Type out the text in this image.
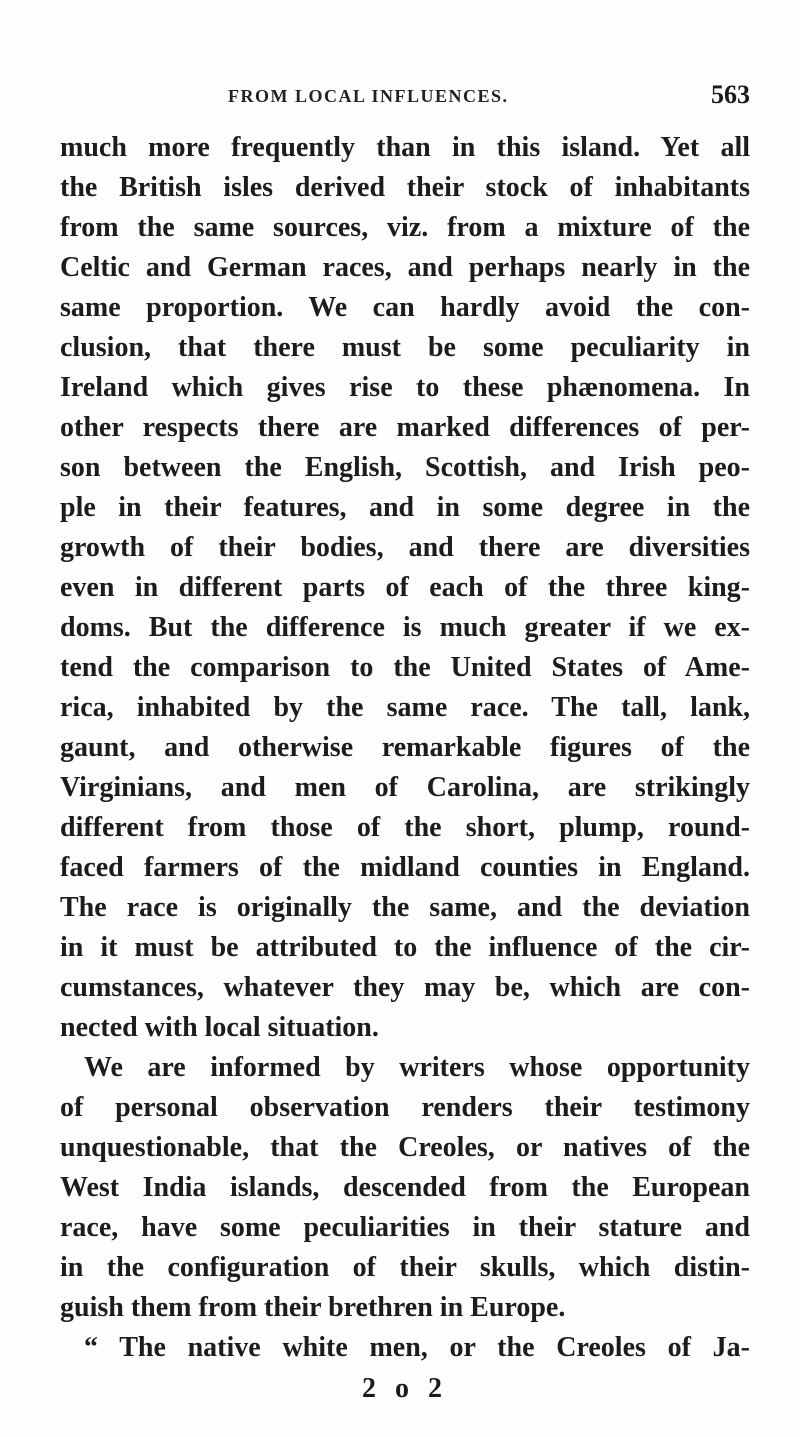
FROM LOCAL INFLUENCES.	563
much more frequently than in this island. Yet all
the British isles derived their stock of inhabitants
from the same sources, viz. from a mixture of the
Celtic and German races, and perhaps nearly in the
same proportion. We can hardly avoid the con-
clusion, that there must be some peculiarity in
Ireland which gives rise to these phænomena. In
other respects there are marked differences of per-
son between the English, Scottish, and Irish peo-
ple in their features, and in some degree in the
growth of their bodies, and there are diversities
even in different parts of each of the three king-
doms. But the difference is much greater if we ex-
tend the comparison to the United States of Ame-
rica, inhabited by the same race. The tall, lank,
gaunt, and otherwise remarkable figures of the
Virginians, and men of Carolina, are strikingly
different from those of the short, plump, round-
faced farmers of the midland counties in England.
The race is originally the same, and the deviation
in it must be attributed to the influence of the cir-
cumstances, whatever they may be, which are con-
nected with local situation.
We are informed by writers whose opportunity
of personal observation renders their testimony
unquestionable, that the Creoles, or natives of the
West India islands, descended from the European
race, have some peculiarities in their stature and
in the configuration of their skulls, which distin-
guish them from their brethren in Europe.
“ The native white men, or the Creoles of Ja-
2 o 2
